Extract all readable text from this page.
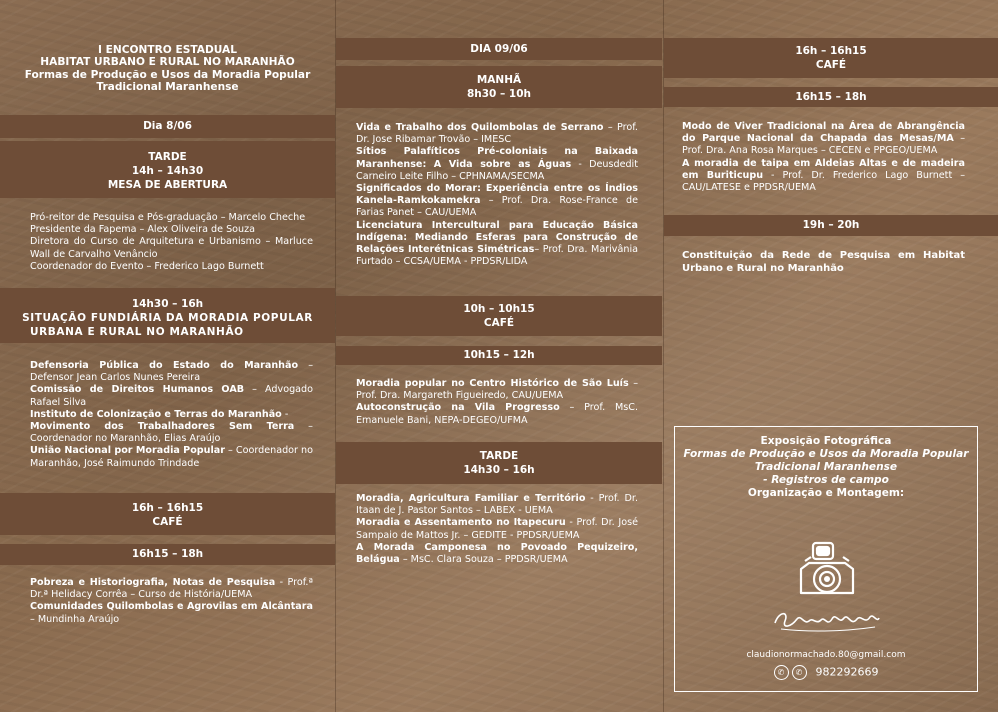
I ENCONTRO ESTADUAL
HABITAT URBANO E RURAL NO MARANHÃO
Formas de Produção e Usos da Moradia Popular
Tradicional Maranhense
Dia 8/06
TARDE
14h – 14h30
MESA DE ABERTURA

Pró-reitor de Pesquisa e Pós-graduação – Marcelo Cheche

Presidente da Fapema – Alex Oliveira de Souza

Diretora do Curso de Arquitetura e Urbanismo – Marluce Wall de Carvalho Venâncio

Coordenador do Evento – Frederico Lago Burnett

14h30 – 16h
SITUAÇÃO FUNDIÁRIA DA MORADIA POPULAR
URBANA E RURAL NO MARANHÃO

Defensoria Pública do Estado do Maranhão – Defensor Jean Carlos Nunes Pereira

Comissão de Direitos Humanos OAB – Advogado Rafael Silva

Instituto de Colonização e Terras do Maranhão -

Movimento dos Trabalhadores Sem Terra – Coordenador no Maranhão, Elias Araújo

União Nacional por Moradia Popular – Coordenador no Maranhão, José Raimundo Trindade

16h – 16h15
CAFÉ
16h15 – 18h

Pobreza e Historiografia, Notas de Pesquisa - Prof.ª Dr.ª Helidacy Corrêa – Curso de História/UEMA

Comunidades Quilombolas e Agrovilas em Alcântara – Mundinha Araújo

DIA 09/06
MANHÃ
8h30 – 10h

Vida e Trabalho dos Quilombolas de Serrano – Prof. Dr. Jose Ribamar Trovão – IMESC

Sítios Palafíticos Pré-coloniais na Baixada Maranhense: A Vida sobre as Águas - Deusdedit Carneiro Leite Filho – CPHNAMA/SECMA

Significados do Morar: Experiência entre os Índios Kanela-Ramkokamekra – Prof. Dra. Rose-France de Farias Panet – CAU/UEMA

Licenciatura Intercultural para Educação Básica Indígena: Mediando Esferas para Construção de Relações Interétnicas Simétricas– Prof. Dra. Marivânia Furtado – CCSA/UEMA - PPDSR/LIDA

10h – 10h15
CAFÉ
10h15 – 12h

Moradia popular no Centro Histórico de São Luís – Prof. Dra. Margareth Figueiredo, CAU/UEMA

Autoconstrução na Vila Progresso – Prof. MsC. Emanuele Bani, NEPA-DEGEO/UFMA

TARDE
14h30 – 16h

Moradia, Agricultura Familiar e Território - Prof. Dr. Itaan de J. Pastor Santos – LABEX - UEMA

Moradia e Assentamento no Itapecuru - Prof. Dr. José Sampaio de Mattos Jr. – GEDITE - PPDSR/UEMA

A Morada Camponesa no Povoado Pequizeiro, Belágua – MsC. Clara Souza – PPDSR/UEMA

16h – 16h15
CAFÉ
16h15 – 18h

Modo de Viver Tradicional na Área de Abrangência do Parque Nacional da Chapada das Mesas/MA – Prof. Dra. Ana Rosa Marques – CECEN e PPGEO/UEMA

A moradia de taipa em Aldeias Altas e de madeira em Buriticupu - Prof. Dr. Frederico Lago Burnett – CAU/LATESE e PPDSR/UEMA

19h – 20h

Constituição da Rede de Pesquisa em Habitat Urbano e Rural no Maranhão

Exposição Fotográfica
Formas de Produção e Usos da Moradia Popular
Tradicional Maranhense
- Registros de campo
Organização e Montagem:
claudionormachado.80@gmail.com
✆ ✆ 982292669
